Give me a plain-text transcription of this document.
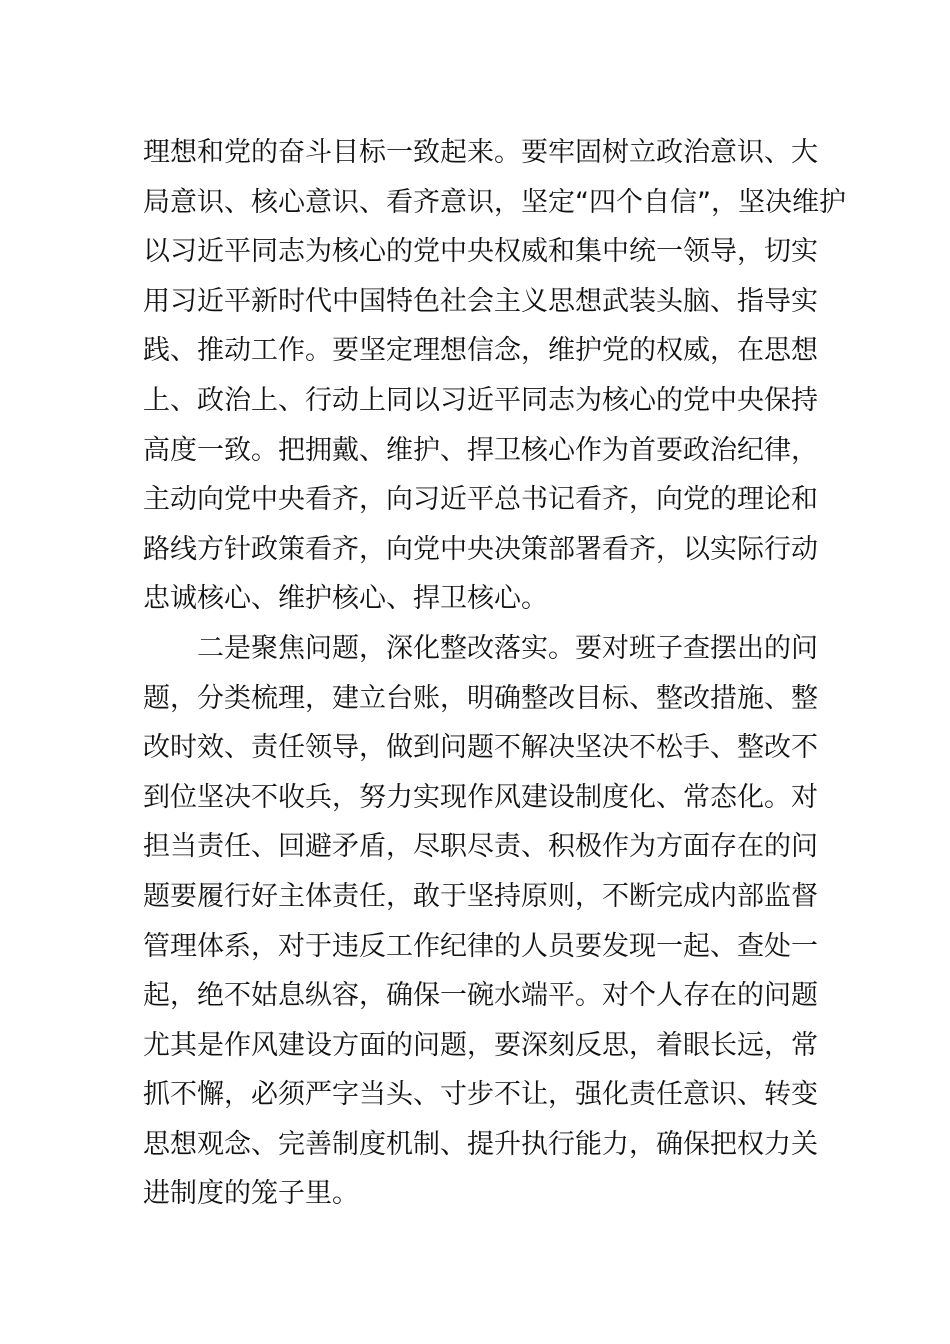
理想和党的奋斗目标一致起来。要牢固树立政治意识、大
局意识、核心意识、看齐意识，坚定“四个自信”，坚决维护
以习近平同志为核心的党中央权威和集中统一领导，切实
用习近平新时代中国特色社会主义思想武装头脑、指导实
践、推动工作。要坚定理想信念，维护党的权威，在思想
上、政治上、行动上同以习近平同志为核心的党中央保持
高度一致。把拥戴、维护、捍卫核心作为首要政治纪律，
主动向党中央看齐，向习近平总书记看齐，向党的理论和
路线方针政策看齐，向党中央决策部署看齐，以实际行动
忠诚核心、维护核心、捍卫核心。
二是聚焦问题，深化整改落实。要对班子查摆出的问
题，分类梳理，建立台账，明确整改目标、整改措施、整
改时效、责任领导，做到问题不解决坚决不松手、整改不
到位坚决不收兵，努力实现作风建设制度化、常态化。对
担当责任、回避矛盾，尽职尽责、积极作为方面存在的问
题要履行好主体责任，敢于坚持原则，不断完成内部监督
管理体系，对于违反工作纪律的人员要发现一起、查处一
起，绝不姑息纵容，确保一碗水端平。对个人存在的问题
尤其是作风建设方面的问题，要深刻反思，着眼长远，常
抓不懈，必须严字当头、寸步不让，强化责任意识、转变
思想观念、完善制度机制、提升执行能力，确保把权力关
进制度的笼子里。
